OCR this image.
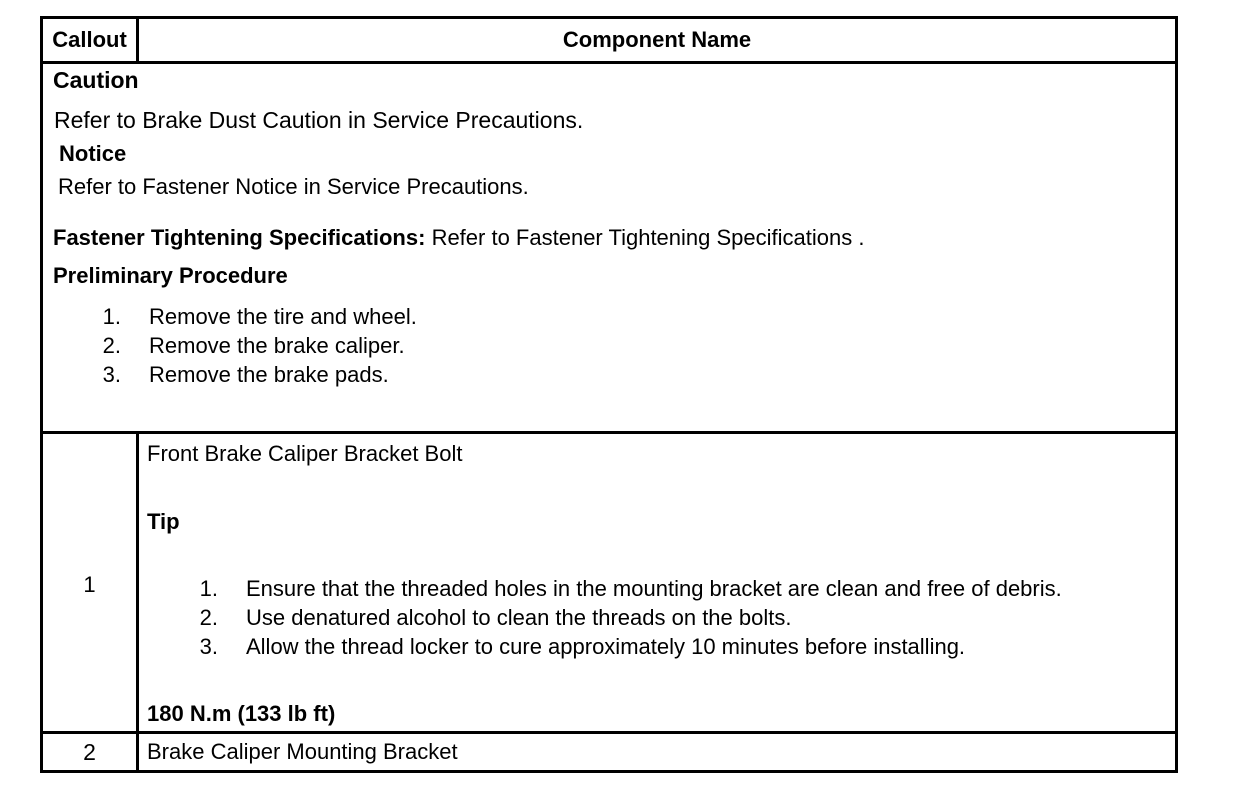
Callout	Component Name
Caution
Refer to Brake Dust Caution in Service Precautions.
Notice
Refer to Fastener Notice in Service Precautions.
Fastener Tightening Specifications: Refer to Fastener Tightening Specifications .
Preliminary Procedure
1. Remove the tire and wheel.
2. Remove the brake caliper.
3. Remove the brake pads.
1
Front Brake Caliper Bracket Bolt
Tip
1. Ensure that the threaded holes in the mounting bracket are clean and free of debris.
2. Use denatured alcohol to clean the threads on the bolts.
3. Allow the thread locker to cure approximately 10 minutes before installing.
180 N.m (133 lb ft)
2	Brake Caliper Mounting Bracket
